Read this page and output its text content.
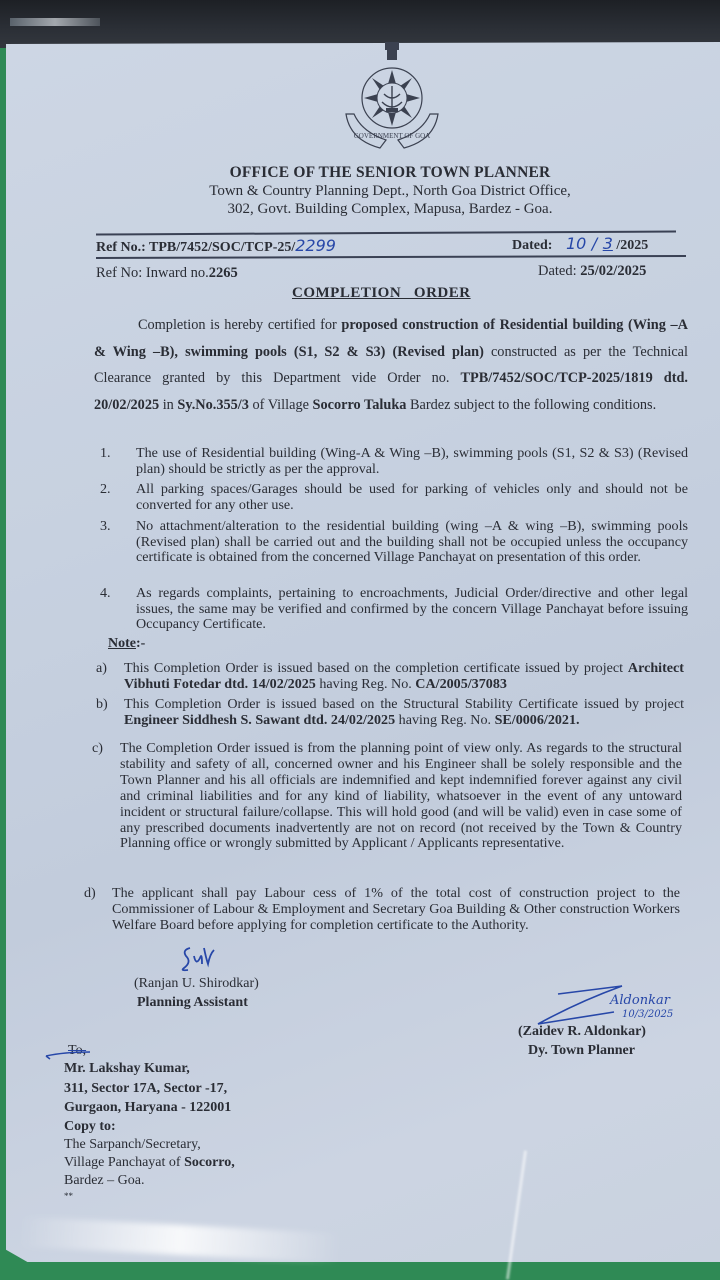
GOVERNMENT OF GOA
OFFICE OF THE SENIOR TOWN PLANNER
Town & Country Planning Dept., North Goa District Office,
302, Govt. Building Complex, Mapusa, Bardez - Goa.
Ref No.: TPB/7452/SOC/TCP-25/2299	Dated: 10 / 3 /2025
Ref No: Inward no.2265	Dated: 25/02/2025
COMPLETION   ORDER
Completion is hereby certified for proposed construction of Residential building (Wing –A & Wing –B), swimming pools (S1, S2 & S3) (Revised plan) constructed as per the Technical Clearance granted by this Department vide Order no. TPB/7452/SOC/TCP-2025/1819 dtd. 20/02/2025 in Sy.No.355/3 of Village Socorro Taluka Bardez subject to the following conditions.
1.	The use of Residential building (Wing-A & Wing –B), swimming pools (S1, S2 & S3) (Revised plan) should be strictly as per the approval.
2.	All parking spaces/Garages should be used for parking of vehicles only and should not be converted for any other use.
3.	No attachment/alteration to the residential building (wing –A & wing –B), swimming pools (Revised plan) shall be carried out and the building shall not be occupied unless the occupancy certificate is obtained from the concerned Village Panchayat on presentation of this order.
4.	As regards complaints, pertaining to encroachments, Judicial Order/directive and other legal issues, the same may be verified and confirmed by the concern Village Panchayat before issuing Occupancy Certificate.
Note:-
a)	This Completion Order is issued based on the completion certificate issued by project Architect Vibhuti Fotedar dtd. 14/02/2025 having Reg. No. CA/2005/37083
b)	This Completion Order is issued based on the Structural Stability Certificate issued by project Engineer Siddhesh S. Sawant dtd. 24/02/2025 having Reg. No. SE/0006/2021.
c)	The Completion Order issued is from the planning point of view only. As regards to the structural stability and safety of all, concerned owner and his Engineer shall be solely responsible and the Town Planner and his all officials are indemnified and kept indemnified forever against any civil and criminal liabilities and for any kind of liability, whatsoever in the event of any untoward incident or structural failure/collapse. This will hold good (and will be valid) even in case some of any prescribed documents inadvertently are not on record (not received by the Town & Country Planning office or wrongly submitted by Applicant / Applicants representative.
d)	The applicant shall pay Labour cess of 1% of the total cost of construction project to the Commissioner of Labour & Employment and Secretary Goa Building & Other construction Workers Welfare Board before applying for completion certificate to the Authority.
(Ranjan U. Shirodkar)
Planning Assistant	Aldonkar
10/3/2025
(Zaidev R. Aldonkar)
Dy. Town Planner
To,
Mr. Lakshay Kumar,
311, Sector 17A, Sector -17,
Gurgaon, Haryana - 122001
Copy to:
The Sarpanch/Secretary,
Village Panchayat of Socorro,
Bardez – Goa.
**
